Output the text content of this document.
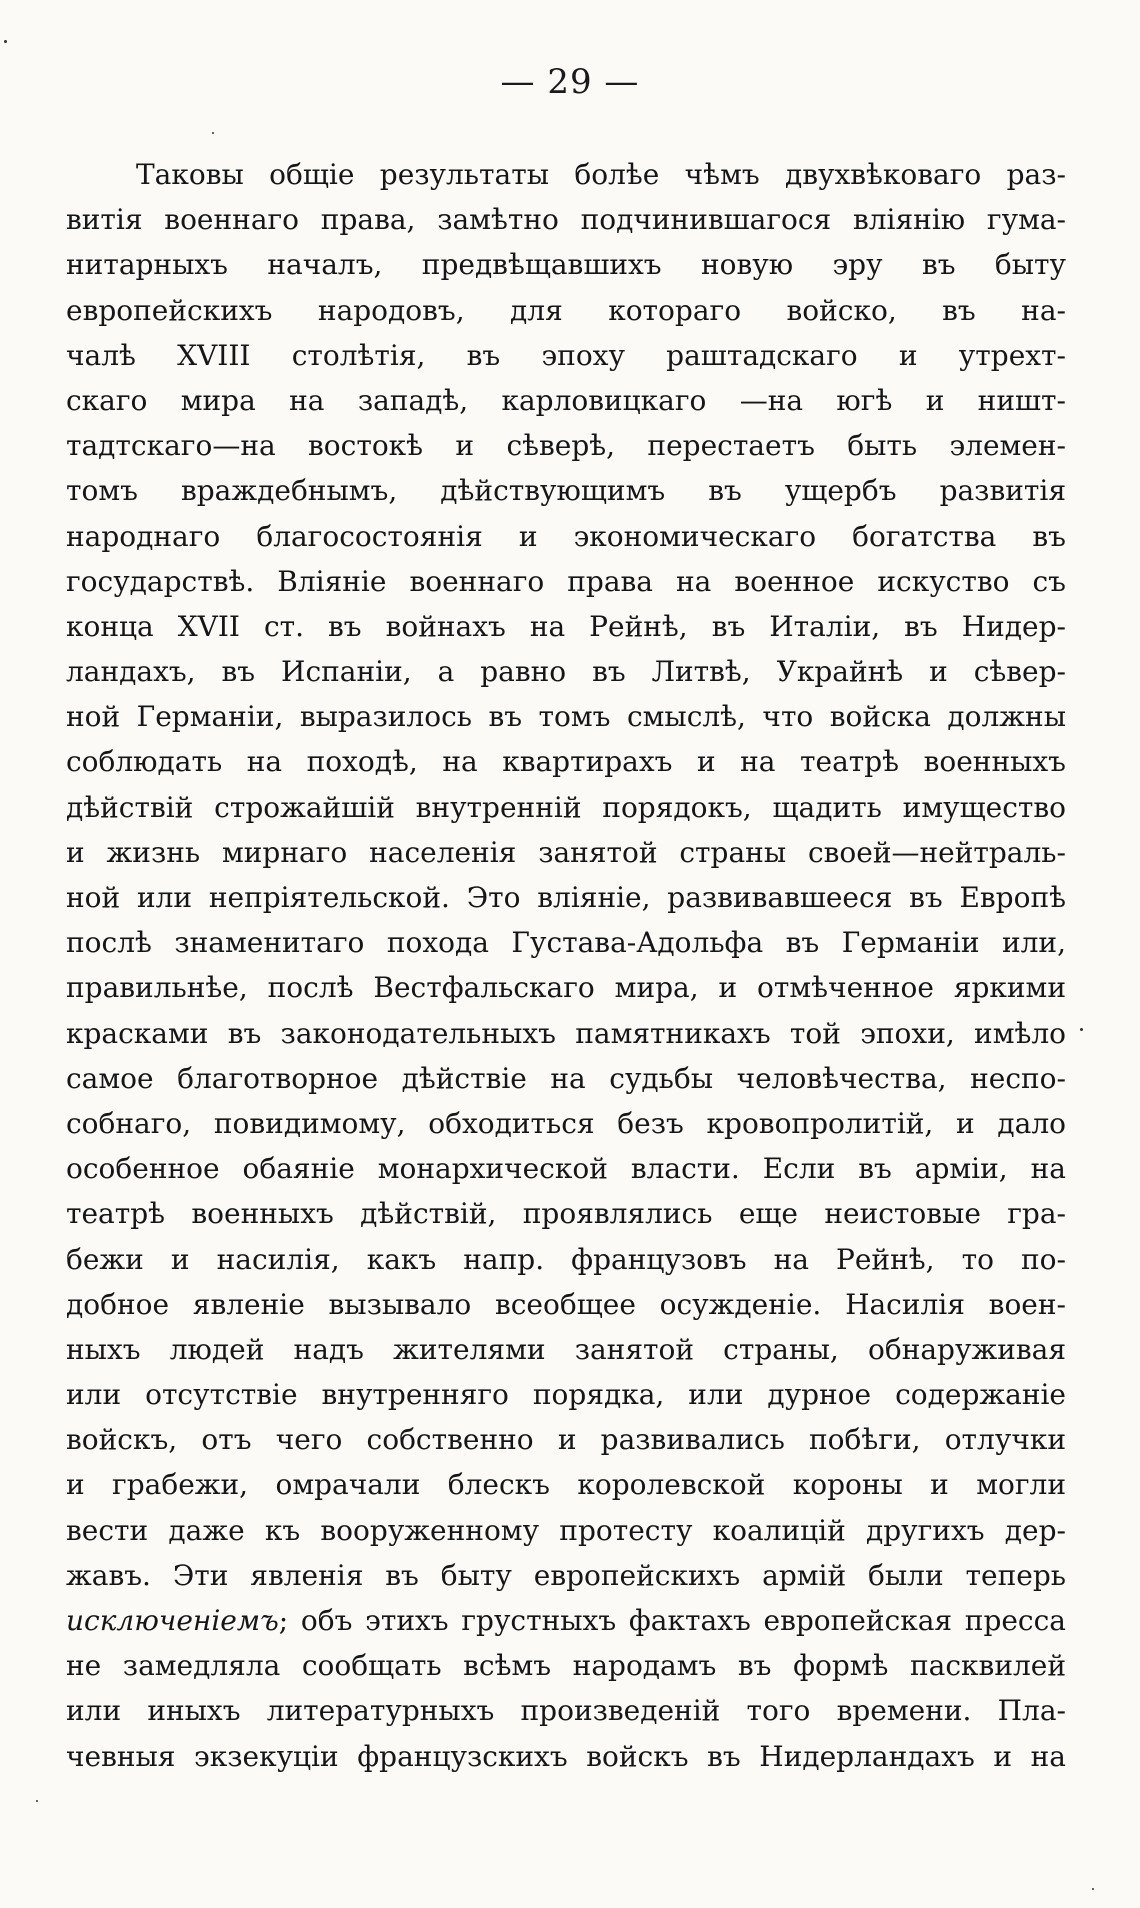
— 29 —
Таковы общіе результаты болѣе чѣмъ двухвѣковаго раз-
витія военнаго права, замѣтно подчинившагося вліянію гума-
нитарныхъ началъ, предвѣщавшихъ новую эру въ быту
европейскихъ народовъ, для котораго войско, въ на-
чалѣ XVIII столѣтія, въ эпоху раштадскаго и утрехт-
скаго мира на западѣ, карловицкаго —на югѣ и ништ-
тадтскаго—на востокѣ и сѣверѣ, перестаетъ быть элемен-
томъ враждебнымъ, дѣйствующимъ въ ущербъ развитія
народнаго благосостоянія и экономическаго богатства въ
государствѣ. Вліяніе военнаго права на военное искуство съ
конца XVII ст. въ войнахъ на Рейнѣ, въ Италіи, въ Нидер-
ландахъ, въ Испаніи, а равно въ Литвѣ, Украйнѣ и сѣвер-
ной Германіи, выразилось въ томъ смыслѣ, что войска должны
соблюдать на походѣ, на квартирахъ и на театрѣ военныхъ
дѣйствій строжайшій внутренній порядокъ, щадить имущество
и жизнь мирнаго населенія занятой страны своей—нейтраль-
ной или непріятельской. Это вліяніе, развивавшееся въ Европѣ
послѣ знаменитаго похода Густава-Адольфа въ Германіи или,
правильнѣе, послѣ Вестфальскаго мира, и отмѣченное яркими
красками въ законодательныхъ памятникахъ той эпохи, имѣло
самое благотворное дѣйствіе на судьбы человѣчества, неспо-
собнаго, повидимому, обходиться безъ кровопролитій, и дало
особенное обаяніе монархической власти. Если въ арміи, на
театрѣ военныхъ дѣйствій, проявлялись еще неистовые гра-
бежи и насилія, какъ напр. французовъ на Рейнѣ, то по-
добное явленіе вызывало всеобщее осужденіе. Насилія воен-
ныхъ людей надъ жителями занятой страны, обнаруживая
или отсутствіе внутренняго порядка, или дурное содержаніе
войскъ, отъ чего собственно и развивались побѣги, отлучки
и грабежи, омрачали блескъ королевской короны и могли
вести даже къ вооруженному протесту коалицій другихъ дер-
жавъ. Эти явленія въ быту европейскихъ армій были теперь
исключеніемъ; объ этихъ грустныхъ фактахъ европейская пресса
не замедляла сообщать всѣмъ народамъ въ формѣ пасквилей
или иныхъ литературныхъ произведеній того времени. Пла-
чевныя экзекуціи французскихъ войскъ въ Нидерландахъ и на
